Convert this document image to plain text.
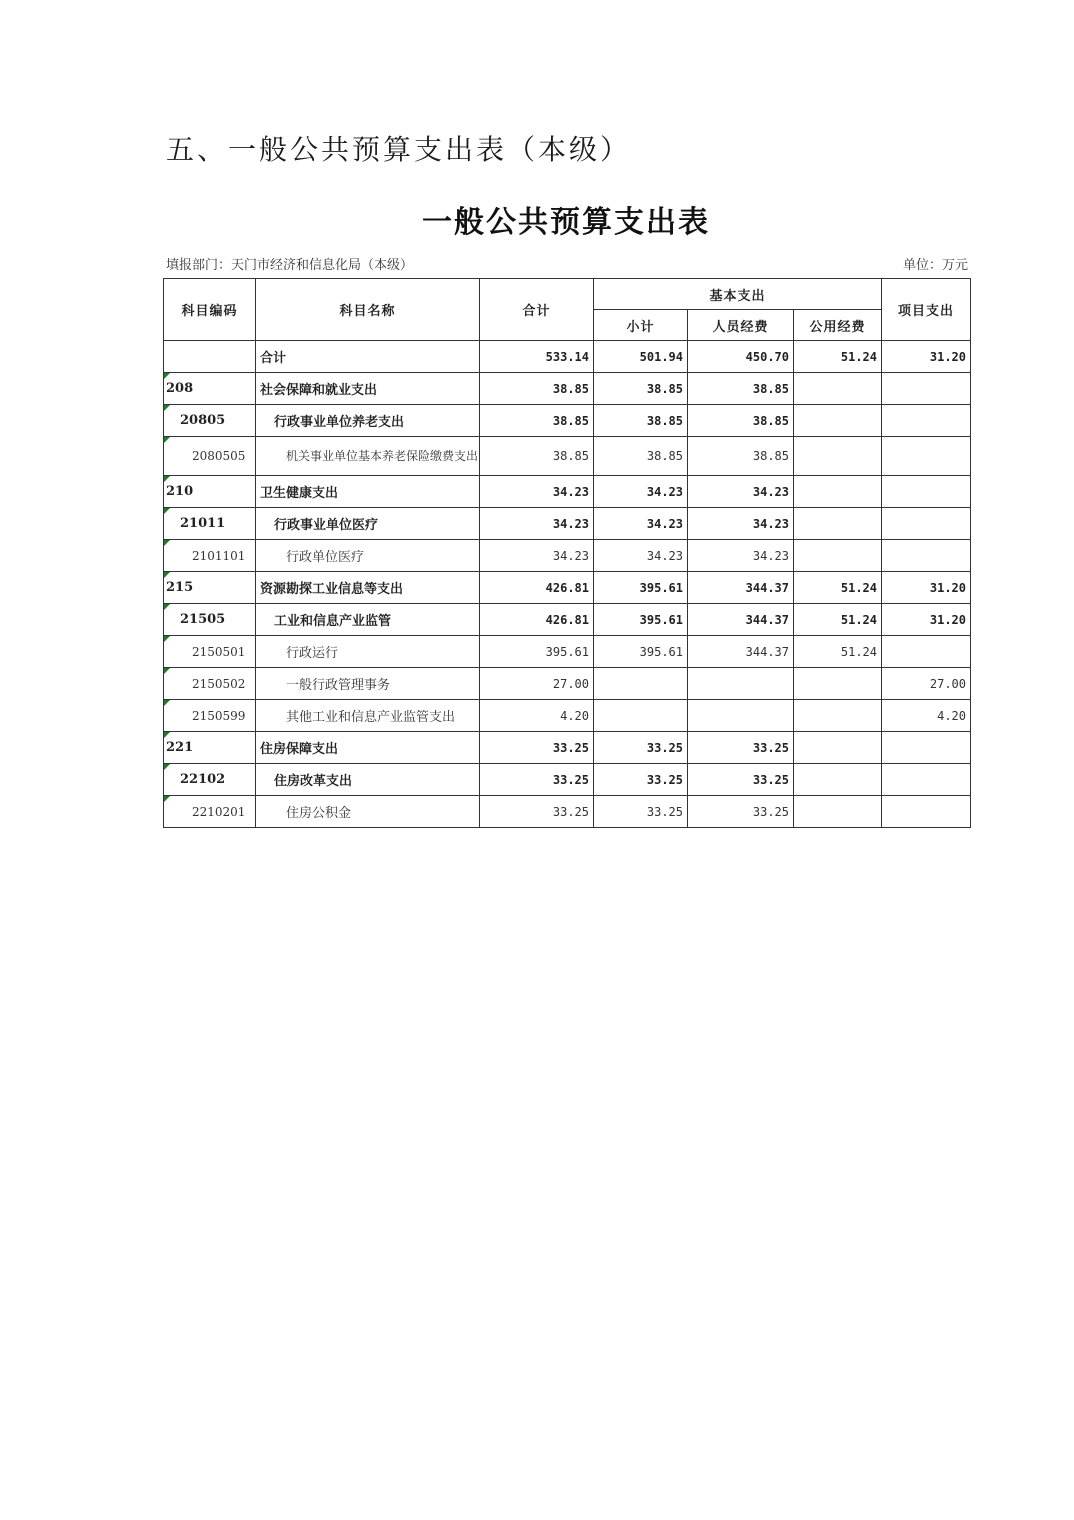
五、一般公共预算支出表（本级）
一般公共预算支出表
填报部门：天门市经济和信息化局（本级）	单位：万元
科目编码	科目名称	合计	基本支出			项目支出
			小计	人员经费	公用经费	
	合计	533.14	501.94	450.70	51.24	31.20

208	社会保障和就业支出	38.85	38.85	38.85		

20805	行政事业单位养老支出	38.85	38.85	38.85		

2080505	机关事业单位基本养老保险缴费支出	38.85	38.85	38.85		

210	卫生健康支出	34.23	34.23	34.23		

21011	行政事业单位医疗	34.23	34.23	34.23		

2101101	行政单位医疗	34.23	34.23	34.23		

215	资源勘探工业信息等支出	426.81	395.61	344.37	51.24	31.20

21505	工业和信息产业监管	426.81	395.61	344.37	51.24	31.20

2150501	行政运行	395.61	395.61	344.37	51.24	

2150502	一般行政管理事务	27.00				27.00

2150599	其他工业和信息产业监管支出	4.20				4.20

221	住房保障支出	33.25	33.25	33.25		

22102	住房改革支出	33.25	33.25	33.25		

2210201	住房公积金	33.25	33.25	33.25		
